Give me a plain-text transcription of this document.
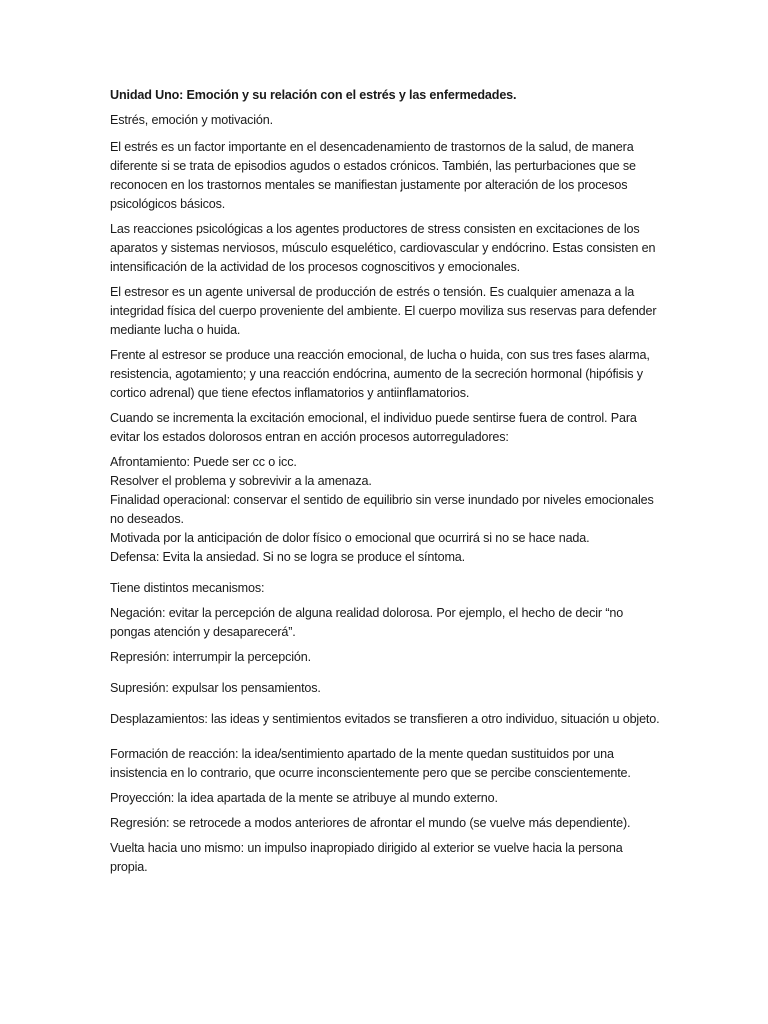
Unidad Uno: Emoción y su relación con el estrés y las enfermedades.

Estrés, emoción y motivación.

El estrés es un factor importante en el desencadenamiento de trastornos de la salud, de manera diferente si se trata de episodios agudos o estados crónicos. También, las perturbaciones que se reconocen en los trastornos mentales se manifiestan justamente por alteración de los procesos psicológicos básicos.

Las reacciones psicológicas a los agentes productores de stress consisten en excitaciones de los aparatos y sistemas nerviosos, músculo esquelético, cardiovascular y endócrino. Estas consisten en intensificación de la actividad de los procesos cognoscitivos y emocionales.

El estresor es un agente universal de producción de estrés o tensión. Es cualquier amenaza a la integridad física del cuerpo proveniente del ambiente. El cuerpo moviliza sus reservas para defender mediante lucha o huida.

Frente al estresor se produce una reacción emocional, de lucha o huida, con sus tres fases alarma, resistencia, agotamiento; y una reacción endócrina, aumento de la secreción hormonal (hipófisis y cortico adrenal) que tiene efectos inflamatorios y antiinflamatorios.

Cuando se incrementa la excitación emocional, el individuo puede sentirse fuera de control. Para evitar los estados dolorosos entran en acción procesos autorreguladores:

Afrontamiento: Puede ser cc o icc.

Resolver el problema y sobrevivir a la amenaza.

Finalidad operacional: conservar el sentido de equilibrio sin verse inundado por niveles emocionales no deseados.

Motivada por la anticipación de dolor físico o emocional que ocurrirá si no se hace nada.

Defensa: Evita la ansiedad. Si no se logra se produce el síntoma.

Tiene distintos mecanismos:

Negación: evitar la percepción de alguna realidad dolorosa. Por ejemplo, el hecho de decir “no pongas atención y desaparecerá”.

Represión: interrumpir la percepción.

Supresión: expulsar los pensamientos.

Desplazamientos: las ideas y sentimientos evitados se transfieren a otro individuo, situación u objeto.

Formación de reacción: la idea/sentimiento apartado de la mente quedan sustituidos por una insistencia en lo contrario, que ocurre inconscientemente pero que se percibe conscientemente.

Proyección: la idea apartada de la mente se atribuye al mundo externo.

Regresión: se retrocede a modos anteriores de afrontar el mundo (se vuelve más dependiente).

Vuelta hacia uno mismo: un impulso inapropiado dirigido al exterior se vuelve hacia la persona propia.
